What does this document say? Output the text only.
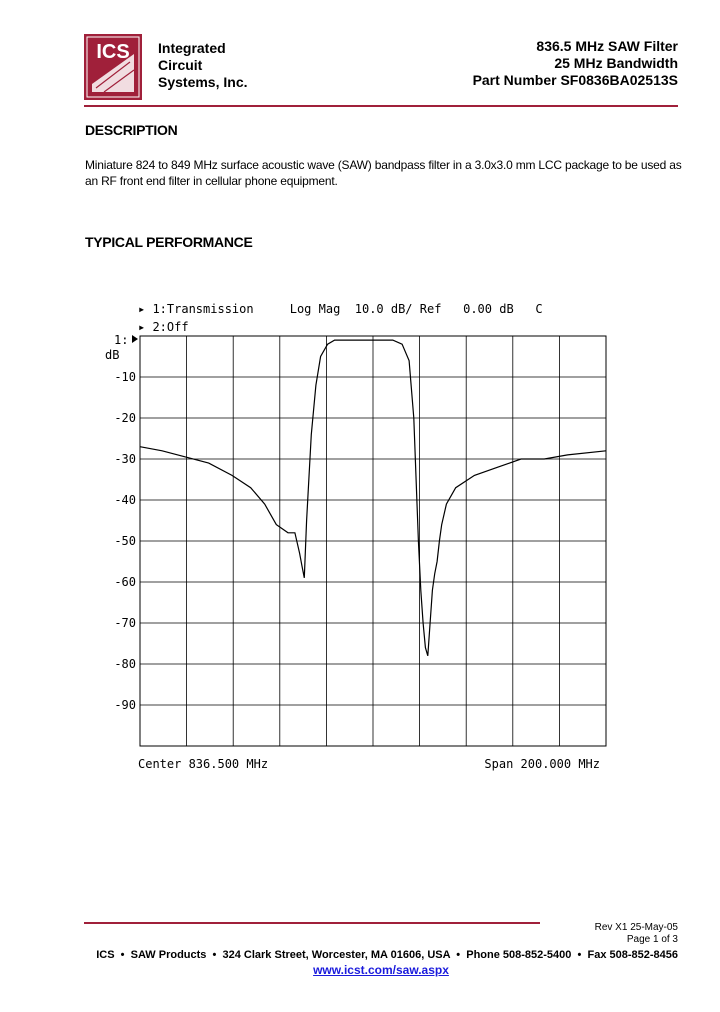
ICS Integrated
Circuit
Systems, Inc.
836.5 MHz SAW Filter
25 MHz Bandwidth
Part Number SF0836BA02513S
DESCRIPTION
Miniature 824 to 849 MHz surface acoustic wave (SAW) bandpass filter in a 3.0x3.0 mm LCC package to be used as an RF front end filter in cellular phone equipment.
TYPICAL PERFORMANCE
▸ 1:Transmission     Log Mag  10.0 dB/ Ref   0.00 dB   C
▸ 2:Off
1:
dB
-10
-20
-30
-40
-50
-60
-70
-80
-90
Center 836.500 MHz	Span 200.000 MHz
Rev X1 25-May-05
Page 1 of 3
ICS  •  SAW Products  •  324 Clark Street, Worcester, MA 01606, USA  •  Phone 508-852-5400  •  Fax 508-852-8456
www.icst.com/saw.aspx
